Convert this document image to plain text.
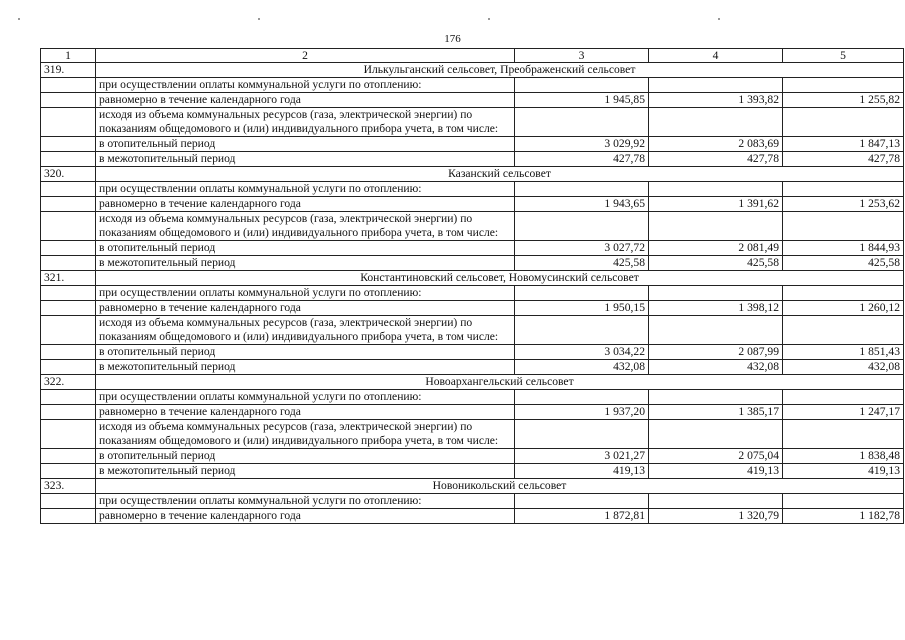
176
1	2	3	4	5
319.	Илькульганский сельсовет, Преображенский сельсовет			
	при осуществлении оплаты коммунальной услуги по отоплению:			
	равномерно в течение календарного года	1 945,85	1 393,82	1 255,82
	исходя из объема коммунальных ресурсов (газа, электрической энергии) по показаниям общедомового и (или) индивидуального прибора учета, в том числе:			
	в отопительный период	3 029,92	2 083,69	1 847,13
	в межотопительный период	427,78	427,78	427,78
320.	Казанский сельсовет			
	при осуществлении оплаты коммунальной услуги по отоплению:			
	равномерно в течение календарного года	1 943,65	1 391,62	1 253,62
	исходя из объема коммунальных ресурсов (газа, электрической энергии) по показаниям общедомового и (или) индивидуального прибора учета, в том числе:			
	в отопительный период	3 027,72	2 081,49	1 844,93
	в межотопительный период	425,58	425,58	425,58
321.	Константиновский сельсовет, Новомусинский сельсовет			
	при осуществлении оплаты коммунальной услуги по отоплению:			
	равномерно в течение календарного года	1 950,15	1 398,12	1 260,12
	исходя из объема коммунальных ресурсов (газа, электрической энергии) по показаниям общедомового и (или) индивидуального прибора учета, в том числе:			
	в отопительный период	3 034,22	2 087,99	1 851,43
	в межотопительный период	432,08	432,08	432,08
322.	Новоархангельский сельсовет			
	при осуществлении оплаты коммунальной услуги по отоплению:			
	равномерно в течение календарного года	1 937,20	1 385,17	1 247,17
	исходя из объема коммунальных ресурсов (газа, электрической энергии) по показаниям общедомового и (или) индивидуального прибора учета, в том числе:			
	в отопительный период	3 021,27	2 075,04	1 838,48
	в межотопительный период	419,13	419,13	419,13
323.	Новоникольский сельсовет			
	при осуществлении оплаты коммунальной услуги по отоплению:			
	равномерно в течение календарного года	1 872,81	1 320,79	1 182,78
